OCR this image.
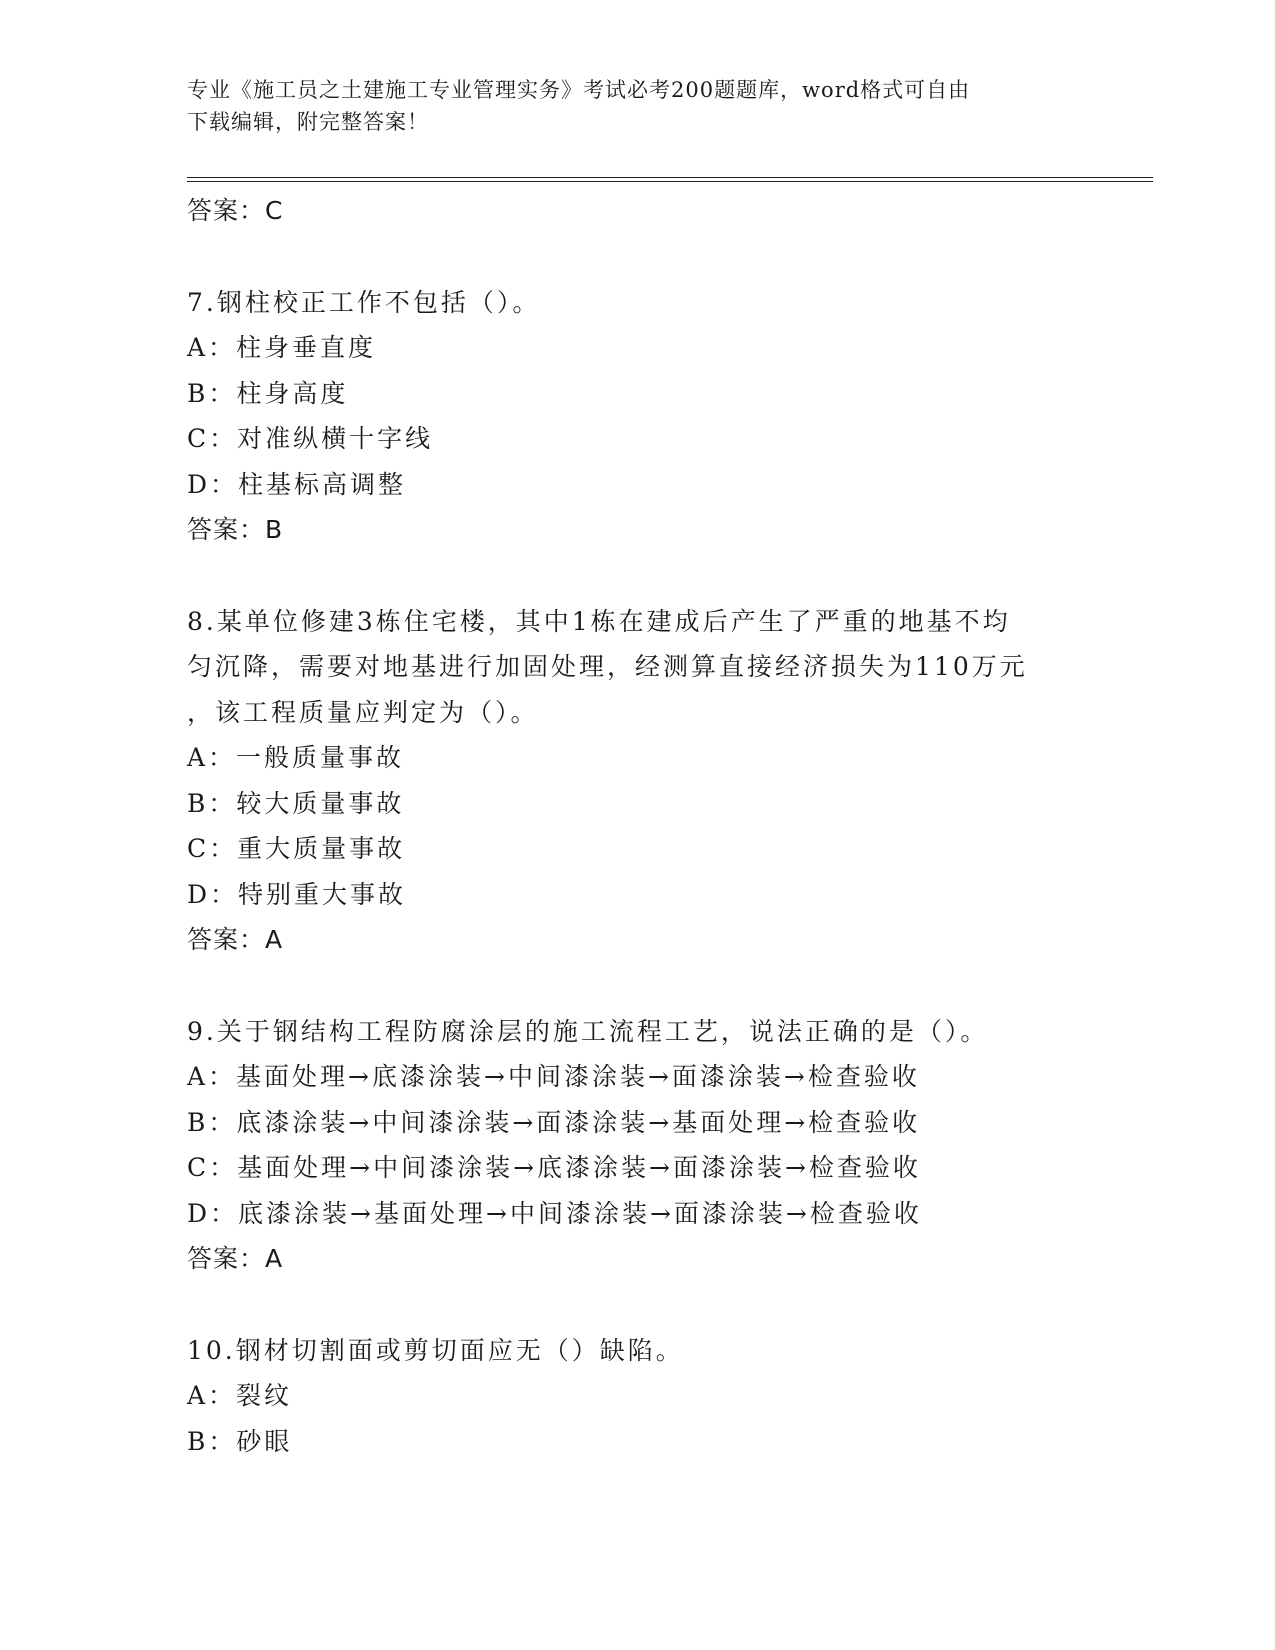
专业《施工员之土建施工专业管理实务》考试必考200题题库，word格式可自由
下载编辑，附完整答案！
答案：C
7.钢柱校正工作不包括（）。
A：柱身垂直度
B：柱身高度
C：对准纵横十字线
D：柱基标高调整
答案：B
8.某单位修建3栋住宅楼，其中1栋在建成后产生了严重的地基不均
匀沉降，需要对地基进行加固处理，经测算直接经济损失为110万元
，该工程质量应判定为（）。
A：一般质量事故
B：较大质量事故
C：重大质量事故
D：特别重大事故
答案：A
9.关于钢结构工程防腐涂层的施工流程工艺，说法正确的是（）。
A：基面处理→底漆涂装→中间漆涂装→面漆涂装→检查验收
B：底漆涂装→中间漆涂装→面漆涂装→基面处理→检查验收
C：基面处理→中间漆涂装→底漆涂装→面漆涂装→检查验收
D：底漆涂装→基面处理→中间漆涂装→面漆涂装→检查验收
答案：A
10.钢材切割面或剪切面应无（）缺陷。
A：裂纹
B：砂眼
